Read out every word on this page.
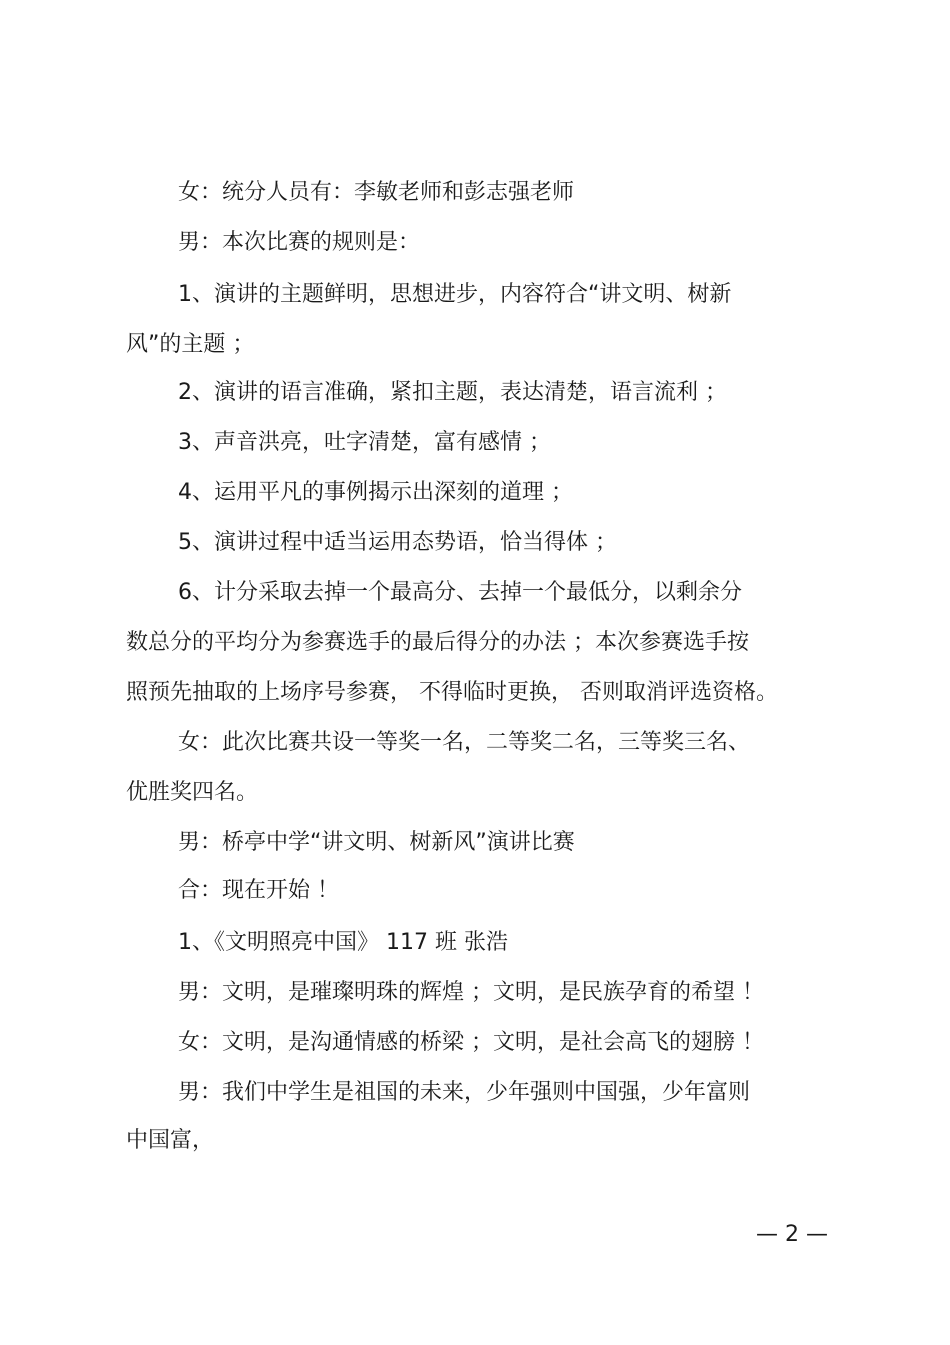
女：统分人员有：李敏老师和彭志强老师
男：本次比赛的规则是：
1、演讲的主题鲜明，思想进步，内容符合“讲文明、树新
风”的主题 ；
2、演讲的语言准确，紧扣主题，表达清楚，语言流利 ；
3、声音洪亮，吐字清楚，富有感情 ；
4、运用平凡的事例揭示出深刻的道理 ；
5、演讲过程中适当运用态势语，恰当得体 ；
6、计分采取去掉一个最高分、去掉一个最低分，以剩余分
数总分的平均分为参赛选手的最后得分的办法 ；本次参赛选手按
照预先抽取的上场序号参赛， 不得临时更换， 否则取消评选资格。
女：此次比赛共设一等奖一名，二等奖二名，三等奖三名、
优胜奖四名。
男：桥亭中学“讲文明、树新风”演讲比赛
合：现在开始 ！
1、《文明照亮中国》 117 班 张浩
男：文明，是璀璨明珠的辉煌 ；文明，是民族孕育的希望 ！
女：文明，是沟通情感的桥梁 ；文明，是社会高飞的翅膀 ！
男：我们中学生是祖国的未来，少年强则中国强，少年富则
中国富，
— 2 —
